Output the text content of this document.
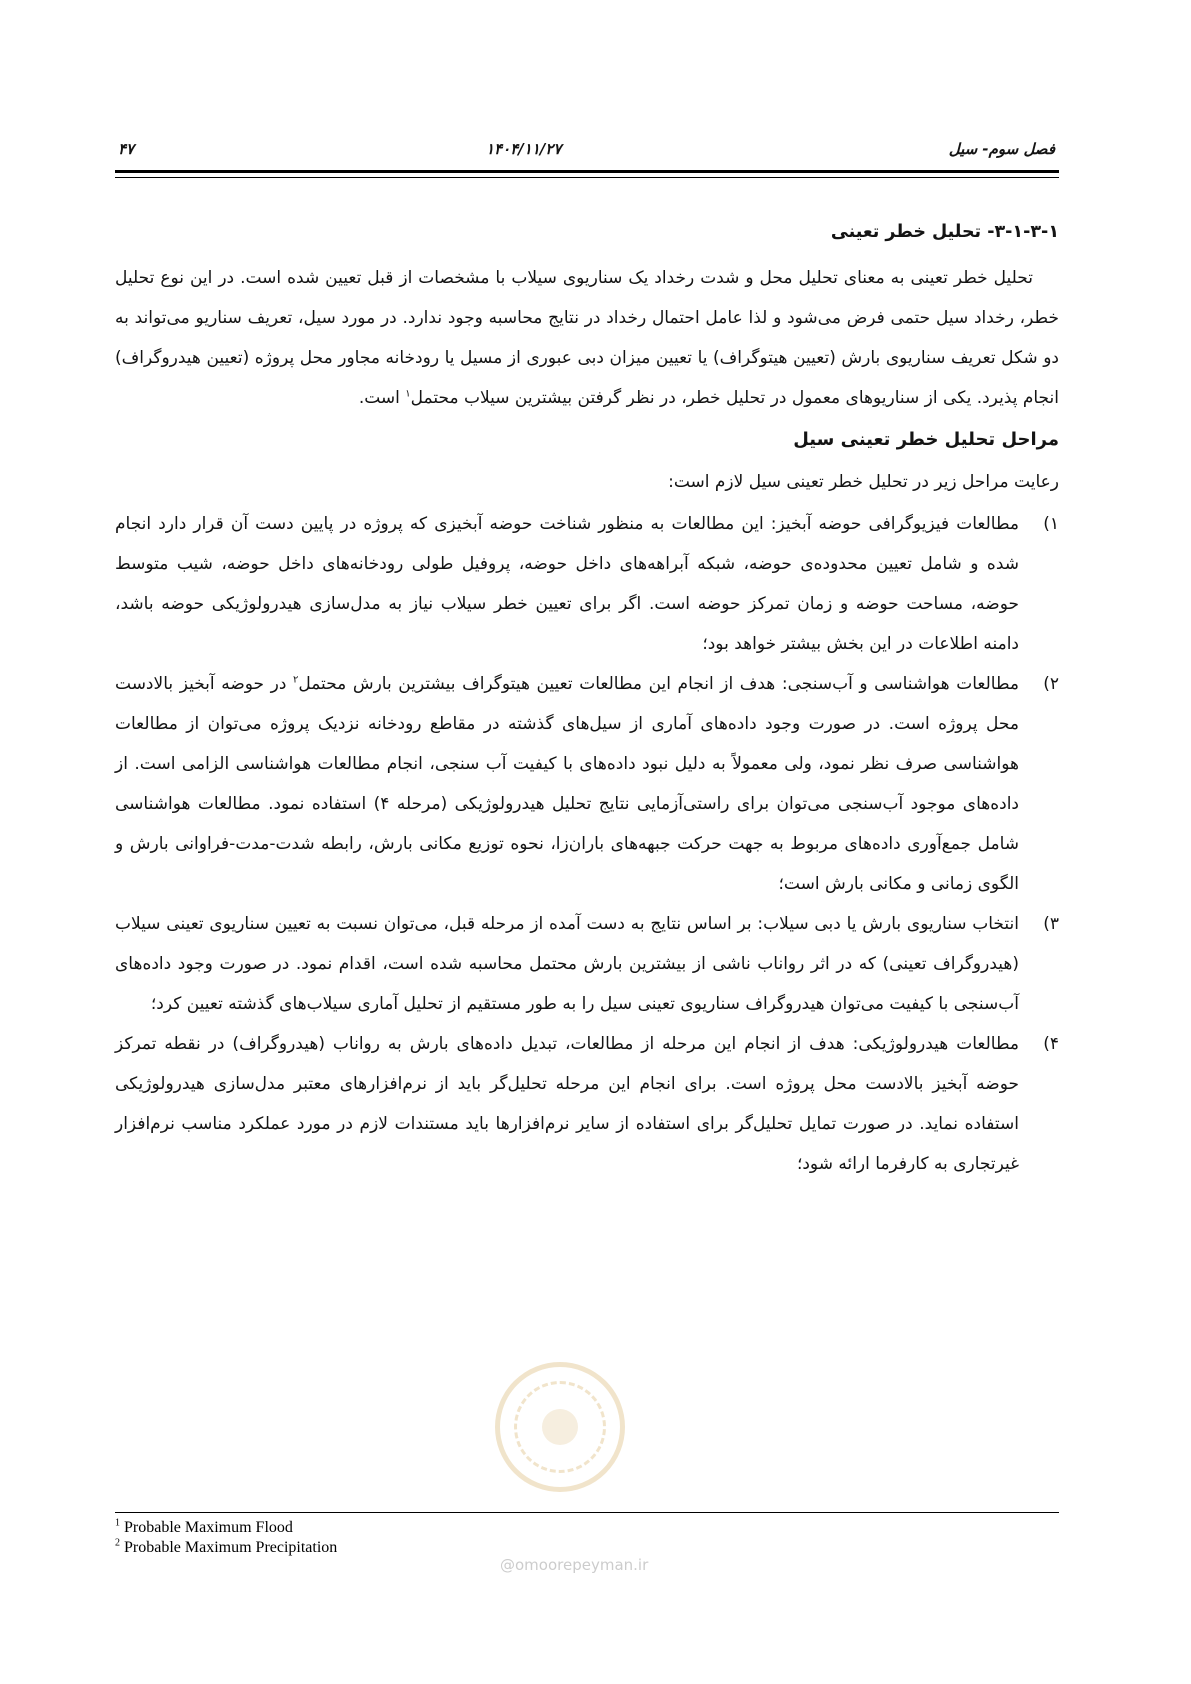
فصل سوم- سیل
۱۴۰۴/۱۱/۲۷
۴۷

۳-۱-۳-۱- تحلیل خطر تعینی

تحلیل خطر تعینی به معنای تحلیل محل و شدت رخداد یک سناریوی سیلاب با مشخصات از قبل تعیین شده است. در این نوع تحلیل خطر، رخداد سیل حتمی فرض می‌شود و لذا عامل احتمال رخداد در نتایج محاسبه وجود ندارد. در مورد سیل، تعریف سناریو می‌تواند به دو شکل تعریف سناریوی بارش (تعیین هیتوگراف) یا تعیین میزان دبی عبوری از مسیل یا رودخانه مجاور محل پروژه (تعیین هیدروگراف) انجام پذیرد. یکی از سناریوهای معمول در تحلیل خطر، در نظر گرفتن بیشترین سیلاب محتمل$^۱$ است.

مراحل تحلیل خطر تعینی سیل

رعایت مراحل زیر در تحلیل خطر تعینی سیل لازم است:

۱)
مطالعات فیزیوگرافی حوضه آبخیز: این مطالعات به منظور شناخت حوضه آبخیزی که پروژه در پایین دست آن قرار دارد انجام شده و شامل تعیین محدوده‌ی حوضه، شبکه آبراهه‌های داخل حوضه، پروفیل طولی رودخانه‌های داخل حوضه، شیب متوسط حوضه، مساحت حوضه و زمان تمرکز حوضه است. اگر برای تعیین خطر سیلاب نیاز به مدل‌سازی هیدرولوژیکی حوضه باشد، دامنه اطلاعات در این بخش بیشتر خواهد بود؛
۲)
مطالعات هواشناسی و آب‌سنجی: هدف از انجام این مطالعات تعیین هیتوگراف بیشترین بارش محتمل$^۲$ در حوضه آبخیز بالادست محل پروژه است. در صورت وجود داده‌های آماری از سیل‌های گذشته در مقاطع رودخانه نزدیک پروژه می‌توان از مطالعات هواشناسی صرف نظر نمود، ولی معمولاً به دلیل نبود داده‌های با کیفیت آب سنجی، انجام مطالعات هواشناسی الزامی است. از داده‌های موجود آب‌سنجی می‌توان برای راستی‌آزمایی نتایج تحلیل هیدرولوژیکی (مرحله ۴) استفاده نمود. مطالعات هواشناسی شامل جمع‌آوری داده‌های مربوط به جهت حرکت جبهه‌های باران‌زا، نحوه توزیع مکانی بارش، رابطه شدت-مدت-فراوانی بارش و الگوی زمانی و مکانی بارش است؛
۳)
انتخاب سناریوی بارش یا دبی سیلاب: بر اساس نتایج به دست آمده از مرحله قبل، می‌توان نسبت به تعیین سناریوی تعینی سیلاب (هیدروگراف تعینی) که در اثر رواناب ناشی از بیشترین بارش محتمل محاسبه شده است، اقدام نمود. در صورت وجود داده‌های آب‌سنجی با کیفیت می‌توان هیدروگراف سناریوی تعینی سیل را به طور مستقیم از تحلیل آماری سیلاب‌های گذشته تعیین کرد؛
۴)
مطالعات هیدرولوژیکی: هدف از انجام این مرحله از مطالعات، تبدیل داده‌های بارش به رواناب (هیدروگراف) در نقطه تمرکز حوضه آبخیز بالادست محل پروژه است. برای انجام این مرحله تحلیل‌گر باید از نرم‌افزارهای معتبر مدل‌سازی هیدرولوژیکی استفاده نماید. در صورت تمایل تحلیل‌گر برای استفاده از سایر نرم‌افزارها باید مستندات لازم در مورد عملکرد مناسب نرم‌افزار غیرتجاری به کارفرما ارائه شود؛
@omoorepeyman.ir
$^1$ Probable Maximum Flood
$^2$ Probable Maximum Precipitation
